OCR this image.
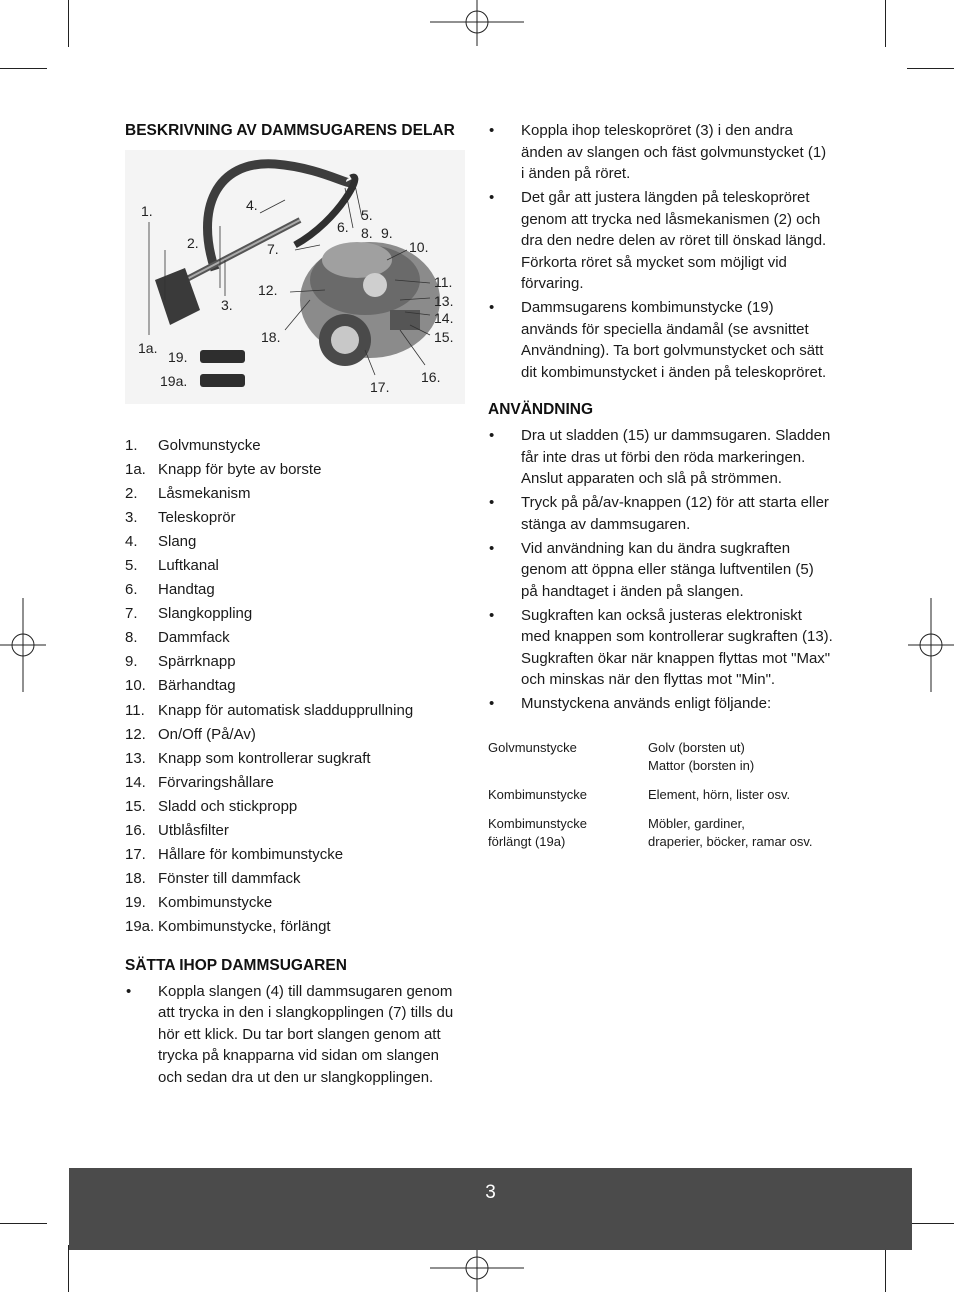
BESKRIVNING AV DAMMSUGARENS DELAR
1.
1a.
2.
3.
4.
5.
6.
7.
8. 9.
10.
11.
12.
13.
14.
15.
16.
17.
18.
19.
19a.
1.	Golvmunstycke
1a. Knapp för byte av borste
2.	Låsmekanism
3.	Teleskoprör
4.	Slang
5.	Luftkanal
6.	Handtag
7.	Slangkoppling
8.	Dammfack
9.	Spärrknapp
10. Bärhandtag
11. Knapp för automatisk sladdupprullning
12. On/Off (På/Av)
13. Knapp som kontrollerar sugkraft
14. Förvaringshållare
15. Sladd och stickpropp
16. Utblåsfilter
17. Hållare för kombimunstycke
18. Fönster till dammfack
19. Kombimunstycke
19a. Kombimunstycke, förlängt
SÄTTA IHOP DAMMSUGAREN
• Koppla slangen (4) till dammsugaren genom att trycka in den i slangkopplingen (7) tills du hör ett klick. Du tar bort slangen genom att trycka på knapparna vid sidan om slangen och sedan dra ut den ur slangkopplingen.
• Koppla ihop teleskopröret (3) i den andra änden av slangen och fäst golvmunstycket (1) i änden på röret.
• Det går att justera längden på teleskopröret genom att trycka ned låsmekanismen (2) och dra den nedre delen av röret till önskad längd. Förkorta röret så mycket som möjligt vid förvaring.
• Dammsugarens kombimunstycke (19) används för speciella ändamål (se avsnittet Användning). Ta bort golvmunstycket och sätt dit kombimunstycket i änden på teleskopröret.
ANVÄNDNING
• Dra ut sladden (15) ur dammsugaren. Sladden får inte dras ut förbi den röda markeringen. Anslut apparaten och slå på strömmen.
• Tryck på på/av-knappen (12) för att starta eller stänga av dammsugaren.
• Vid användning kan du ändra sugkraften genom att öppna eller stänga luftventilen (5) på handtaget i änden på slangen.
• Sugkraften kan också justeras elektroniskt med knappen som kontrollerar sugkraften (13). Sugkraften ökar när knappen flyttas mot "Max" och minskas när den flyttas mot "Min".
• Munstyckena används enligt följande:
Golvmunstycke	Golv (borsten ut)
Mattor (borsten in)
Kombimunstycke	Element, hörn, lister osv.
Kombimunstycke
förlängt (19a)	Möbler, gardiner,
draperier, böcker, ramar osv.
3
